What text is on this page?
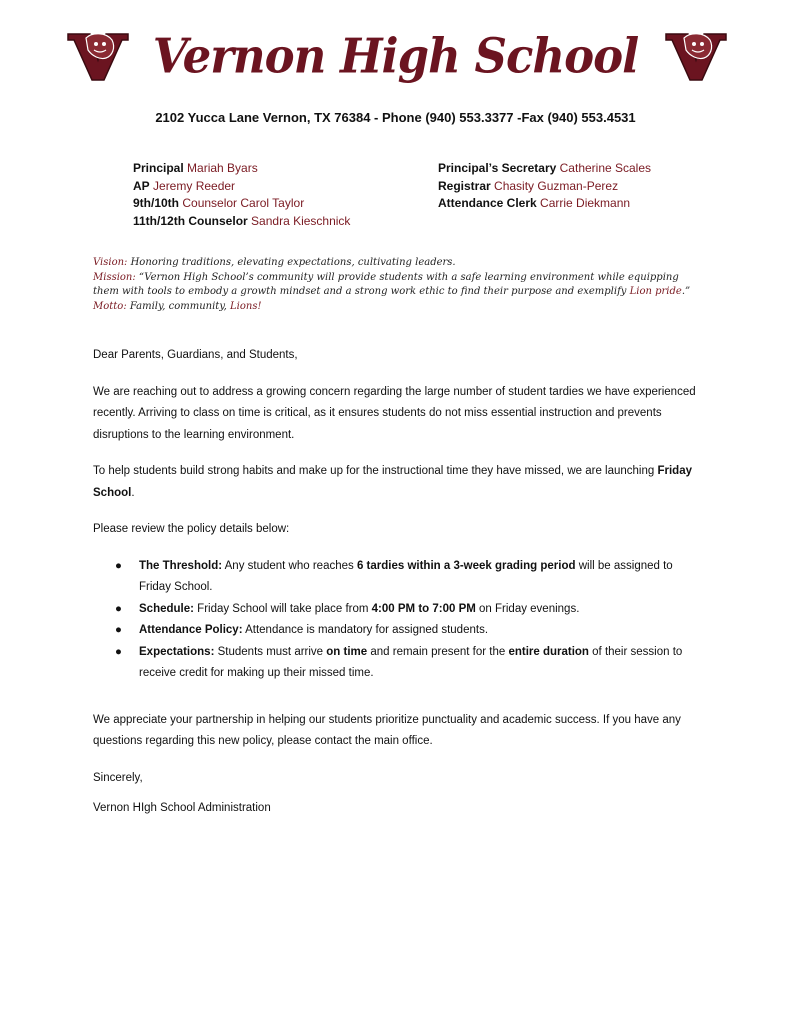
Vernon High School
2102 Yucca Lane Vernon, TX 76384 - Phone (940) 553.3377 -Fax (940) 553.4531
Principal Mariah Byars
AP Jeremy Reeder
9th/10th Counselor Carol Taylor
11th/12th Counselor Sandra Kieschnick
Principal’s Secretary Catherine Scales
Registrar Chasity Guzman-Perez
Attendance Clerk Carrie Diekmann
Vision: Honoring traditions, elevating expectations, cultivating leaders.
Mission: “Vernon High School’s community will provide students with a safe learning environment while equipping them with tools to embody a growth mindset and a strong work ethic to find their purpose and exemplify Lion pride.”
Motto: Family, community, Lions!

Dear Parents, Guardians, and Students,

We are reaching out to address a growing concern regarding the large number of student tardies we have experienced recently. Arriving to class on time is critical, as it ensures students do not miss essential instruction and prevents disruptions to the learning environment.

To help students build strong habits and make up for the instructional time they have missed, we are launching Friday School.

Please review the policy details below:

● The Threshold: Any student who reaches 6 tardies within a 3-week grading period will be assigned to Friday School.
● Schedule: Friday School will take place from 4:00 PM to 7:00 PM on Friday evenings.
● Attendance Policy: Attendance is mandatory for assigned students.
● Expectations: Students must arrive on time and remain present for the entire duration of their session to receive credit for making up their missed time.

We appreciate your partnership in helping our students prioritize punctuality and academic success. If you have any questions regarding this new policy, please contact the main office.

Sincerely,

Vernon HIgh School Administration
